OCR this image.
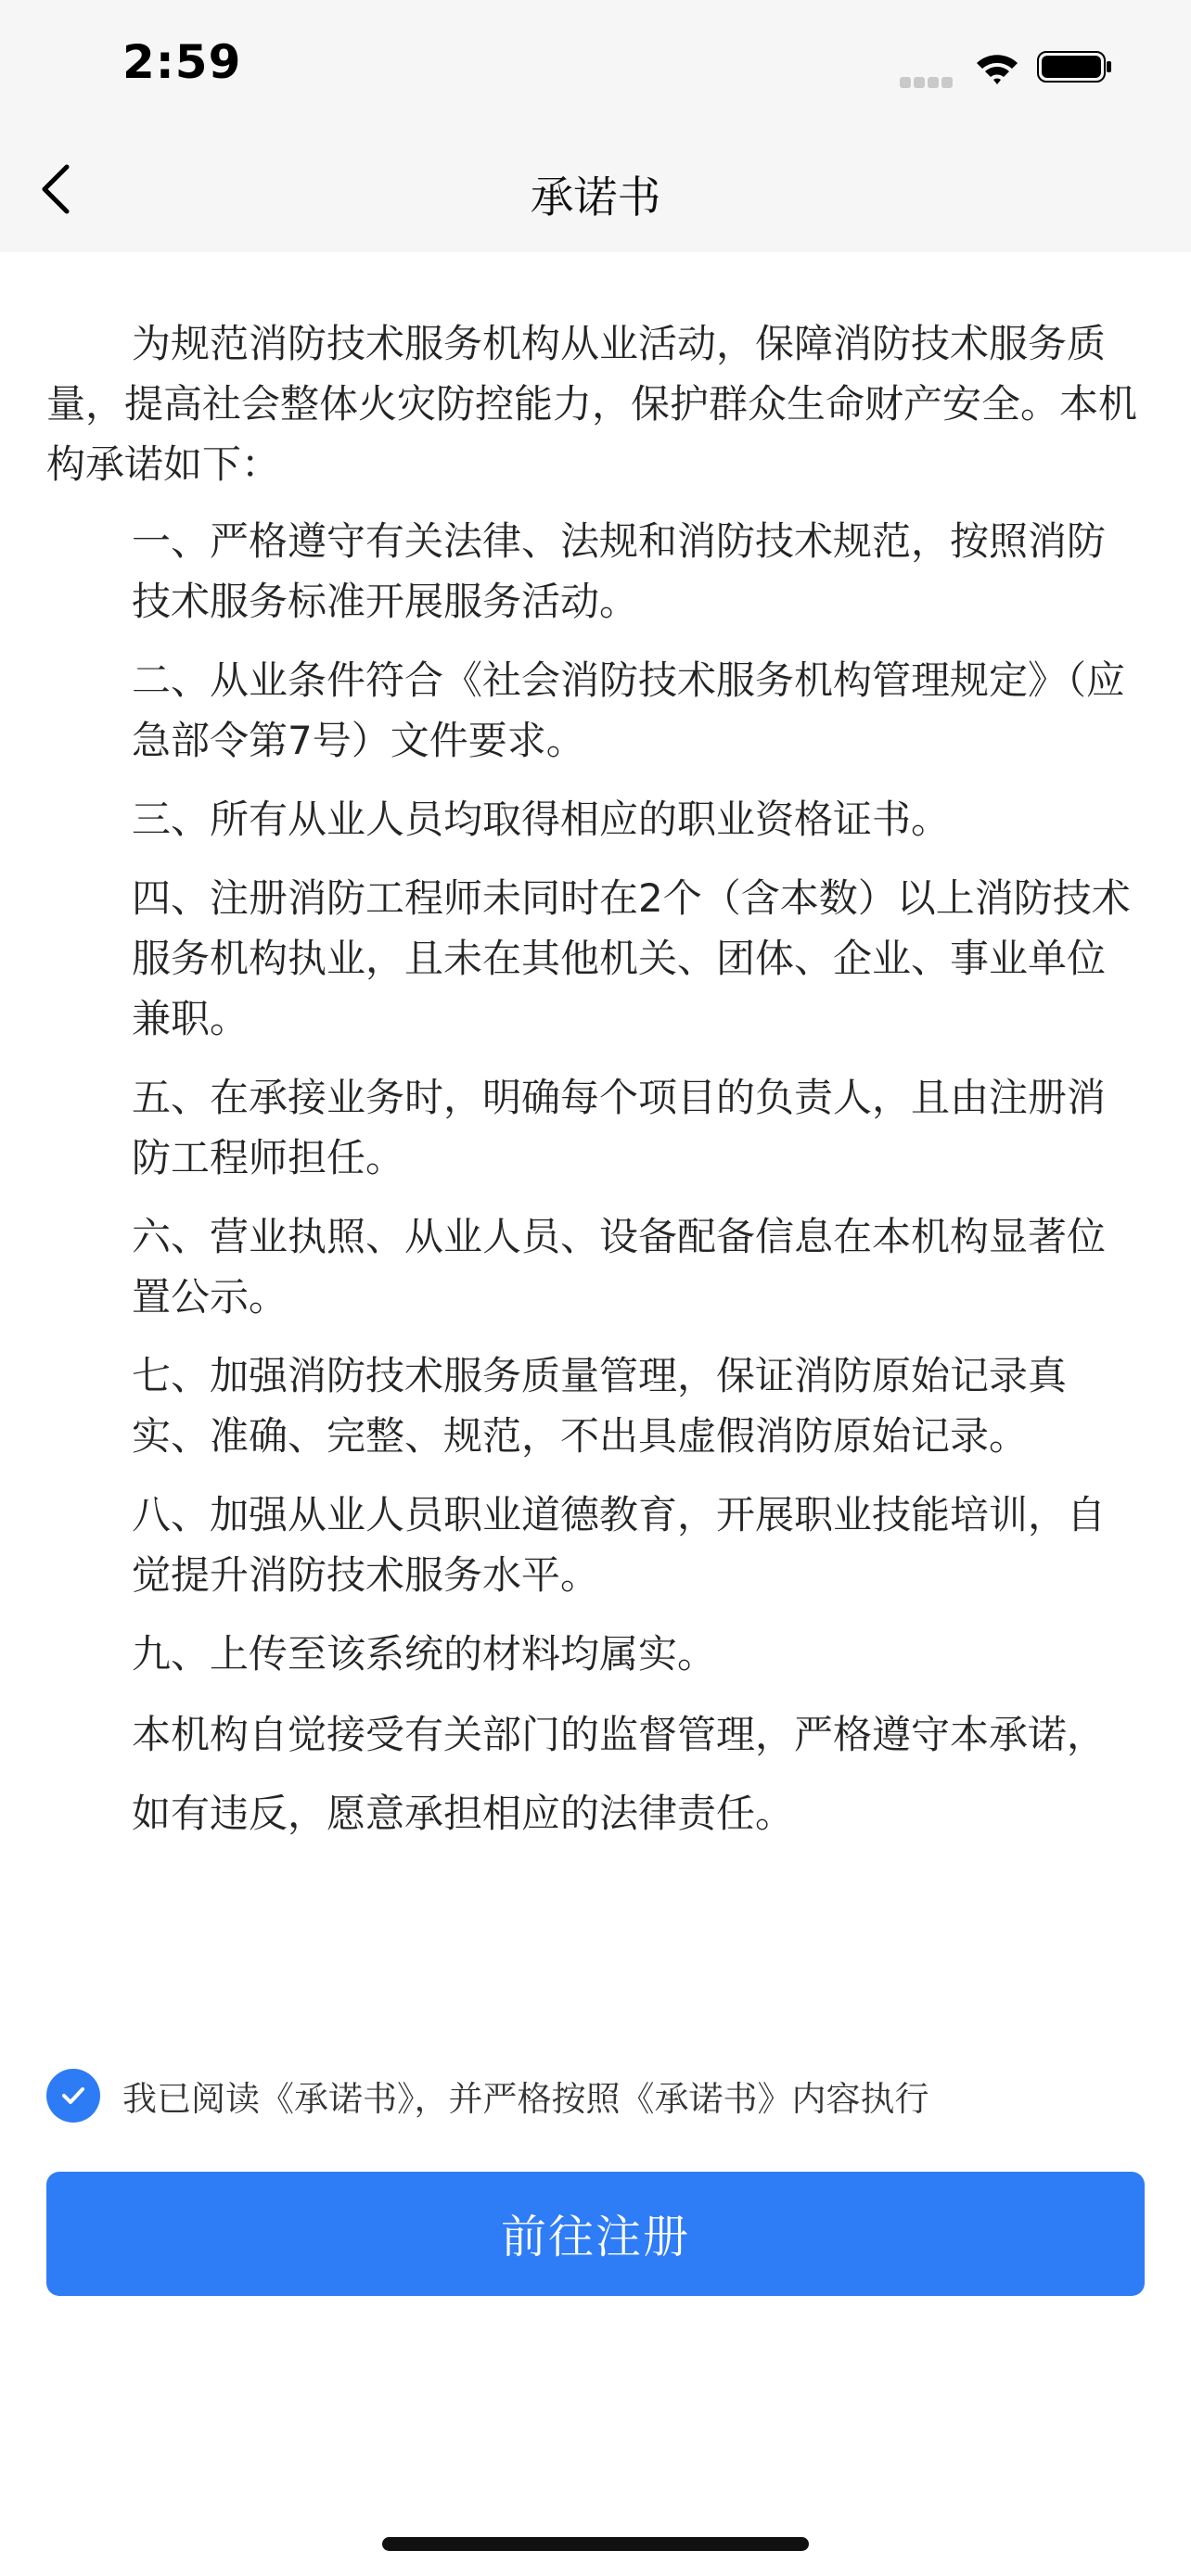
2:59
承诺书

为规范消防技术服务机构从业活动，保障消防技术服务质量，提高社会整体火灾防控能力，保护群众生命财产安全。本机构承诺如下：

一、严格遵守有关法律、法规和消防技术规范，按照消防技术服务标准开展服务活动。

二、从业条件符合《社会消防技术服务机构管理规定》（应急部令第7号）文件要求。

三、所有从业人员均取得相应的职业资格证书。

四、注册消防工程师未同时在2个（含本数）以上消防技术服务机构执业，且未在其他机关、团体、企业、事业单位兼职。

五、在承接业务时，明确每个项目的负责人，且由注册消防工程师担任。

六、营业执照、从业人员、设备配备信息在本机构显著位置公示。

七、加强消防技术服务质量管理，保证消防原始记录真实、准确、完整、规范，不出具虚假消防原始记录。

八、加强从业人员职业道德教育，开展职业技能培训，自觉提升消防技术服务水平。

九、上传至该系统的材料均属实。

本机构自觉接受有关部门的监督管理，严格遵守本承诺，

如有违反，愿意承担相应的法律责任。

我已阅读《承诺书》，并严格按照《承诺书》内容执行
前往注册
